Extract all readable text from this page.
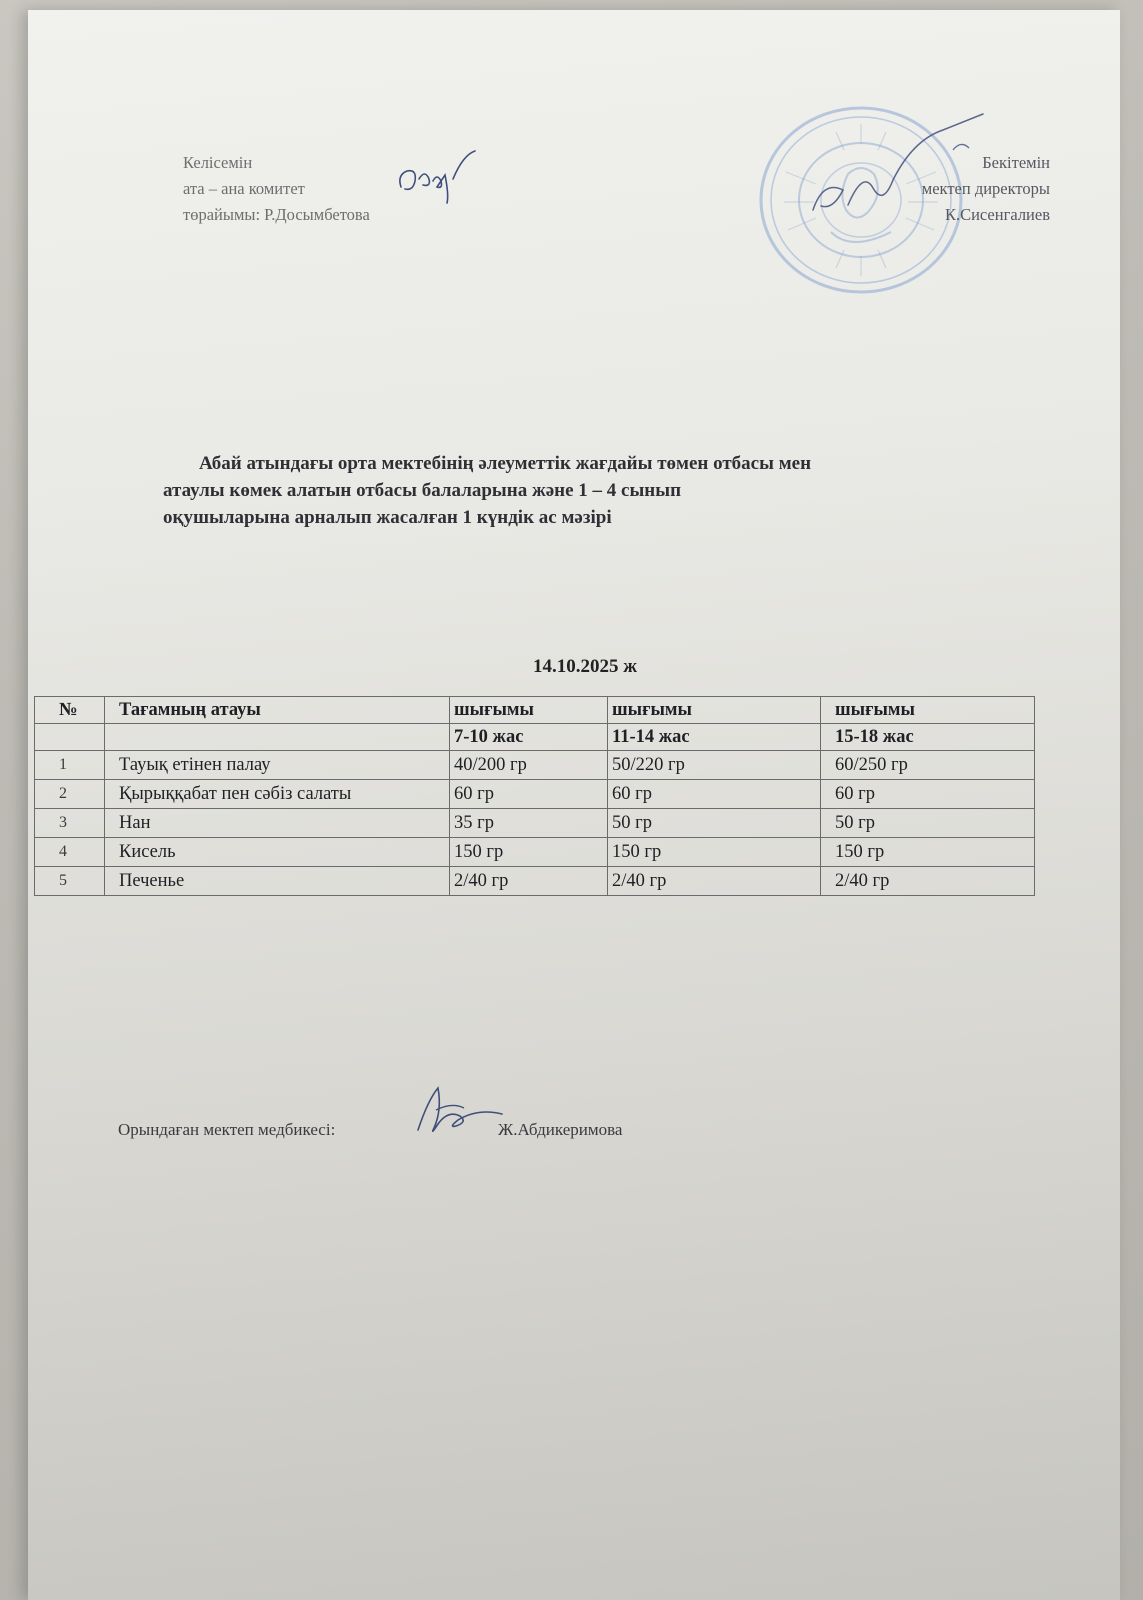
Келісемін
ата – ана комитет
төрайымы: Р.Досымбетова
Бекітемін
мектеп директоры
К.Сисенгалиев
Абай атындағы орта мектебінің әлеуметтік жағдайы төмен отбасы мен
атаулы көмек алатын отбасы балаларына және 1 – 4 сынып
оқушыларына арналып жасалған 1 күндік ас мәзірі
14.10.2025 ж
№	Тағамның атауы	шығымы	шығымы	шығымы
		7-10 жас	11-14 жас	15-18 жас
1	Тауық етінен палау	40/200 гр	50/220 гр	60/250 гр
2	Қырыққабат пен сәбіз салаты	60 гр	60 гр	60 гр
3	Нан	35 гр	50 гр	50 гр
4	Кисель	150 гр	150 гр	150 гр
5	Печенье	2/40 гр	2/40 гр	2/40 гр
Орындаған мектеп медбикесі:	Ж.Абдикеримова
